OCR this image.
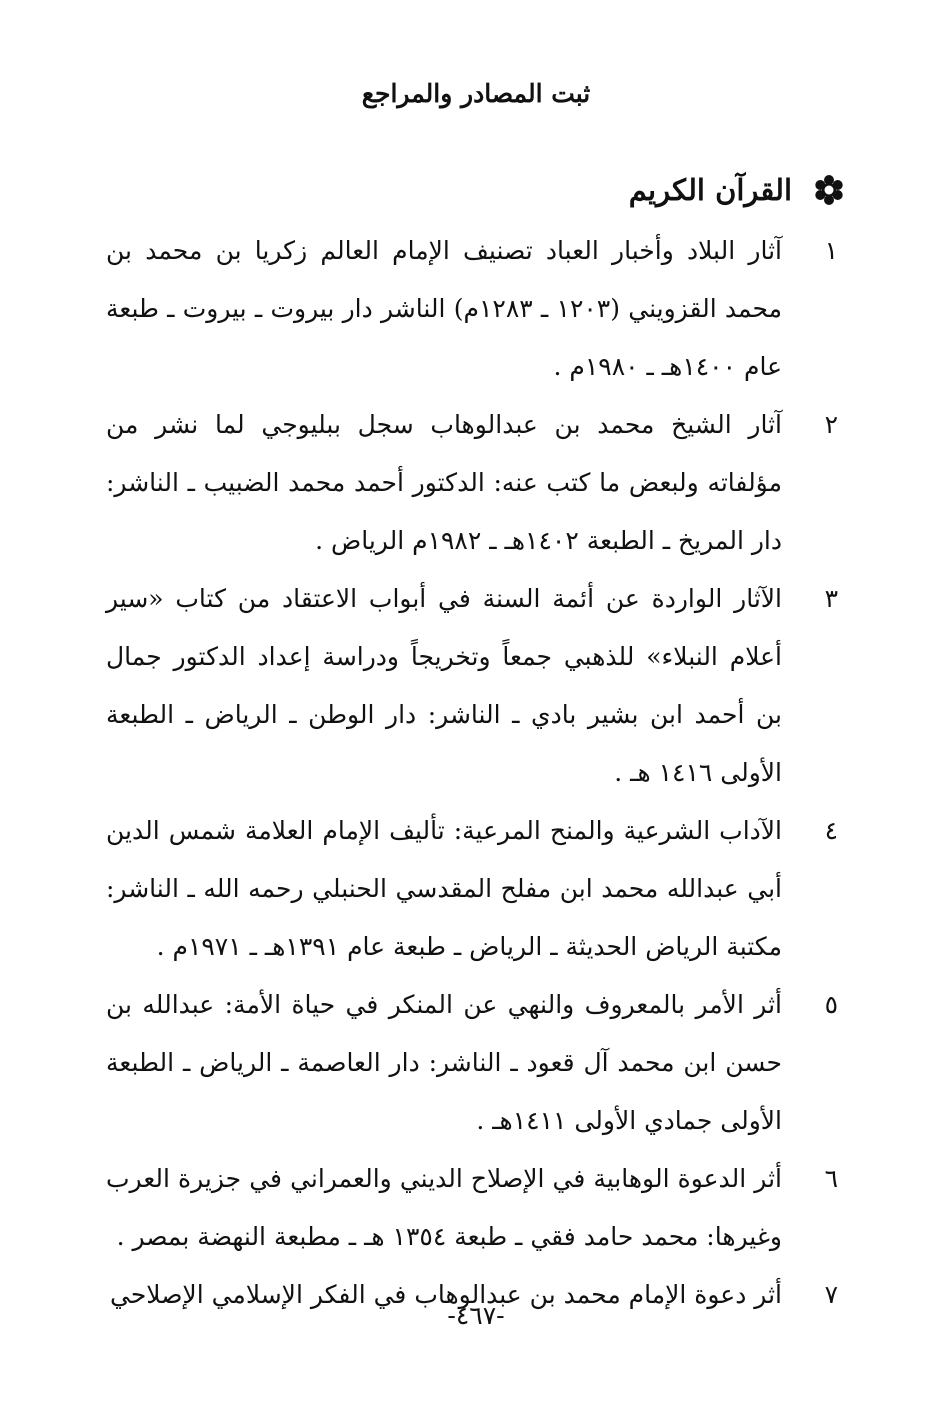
ثبت المصادر والمراجع
القرآن الكريم
١
آثار البلاد وأخبار العباد تصنيف الإمام العالم زكريا بن محمد بن محمد القزويني (١٢٠٣ ـ ١٢٨٣م) الناشر دار بيروت ـ بيروت ـ طبعة عام ١٤٠٠هـ ـ ١٩٨٠م .
٢
آثار الشيخ محمد بن عبدالوهاب سجل ببليوجي لما نشر من مؤلفاته ولبعض ما كتب عنه: الدكتور أحمد محمد الضبيب ـ الناشر: دار المريخ ـ الطبعة ١٤٠٢هـ ـ ١٩٨٢م الرياض .
٣
الآثار الواردة عن أئمة السنة في أبواب الاعتقاد من كتاب «سير أعلام النبلاء» للذهبي جمعاً وتخريجاً ودراسة إعداد الدكتور جمال بن أحمد ابن بشير بادي ـ الناشر: دار الوطن ـ الرياض ـ الطبعة الأولى ١٤١٦ هـ .
٤
الآداب الشرعية والمنح المرعية: تأليف الإمام العلامة شمس الدين أبي عبدالله محمد ابن مفلح المقدسي الحنبلي رحمه الله ـ الناشر: مكتبة الرياض الحديثة ـ الرياض ـ طبعة عام ١٣٩١هـ ـ ١٩٧١م .
٥
أثر الأمر بالمعروف والنهي عن المنكر في حياة الأمة: عبدالله بن حسن ابن محمد آل قعود ـ الناشر: دار العاصمة ـ الرياض ـ الطبعة الأولى جمادي الأولى ١٤١١هـ .
٦
أثر الدعوة الوهابية في الإصلاح الديني والعمراني في جزيرة العرب وغيرها: محمد حامد فقي ـ طبعة ١٣٥٤ هـ ـ مطبعة النهضة بمصر .
٧
أثر دعوة الإمام محمد بن عبدالوهاب في الفكر الإسلامي الإصلاحي
-٤٦٧-
